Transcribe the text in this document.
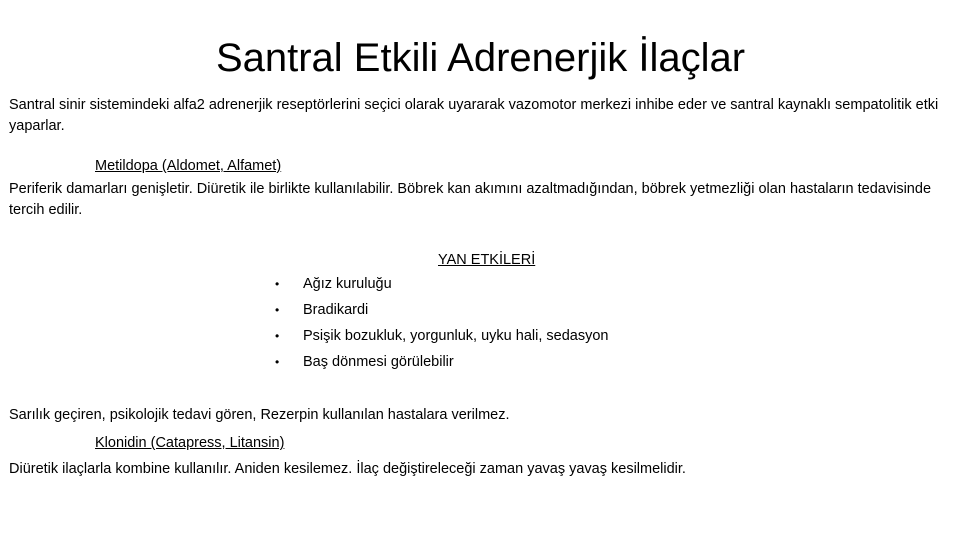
Santral Etkili Adrenerjik İlaçlar
Santral sinir sistemindeki alfa2 adrenerjik reseptörlerini seçici olarak uyararak vazomotor merkezi inhibe eder ve santral kaynaklı sempatolitik etki yaparlar.
Metildopa (Aldomet, Alfamet)
Periferik damarları genişletir. Diüretik ile birlikte kullanılabilir. Böbrek kan akımını azaltmadığından, böbrek yetmezliği olan hastaların tedavisinde tercih edilir.
YAN ETKİLERİ
• Ağız kuruluğu
• Bradikardi
• Psişik bozukluk, yorgunluk, uyku hali, sedasyon
• Baş dönmesi görülebilir
Sarılık geçiren, psikolojik tedavi gören, Rezerpin kullanılan hastalara verilmez.
Klonidin (Catapress, Litansin)
Diüretik ilaçlarla kombine kullanılır. Aniden kesilemez. İlaç değiştireleceği zaman yavaş yavaş kesilmelidir.
